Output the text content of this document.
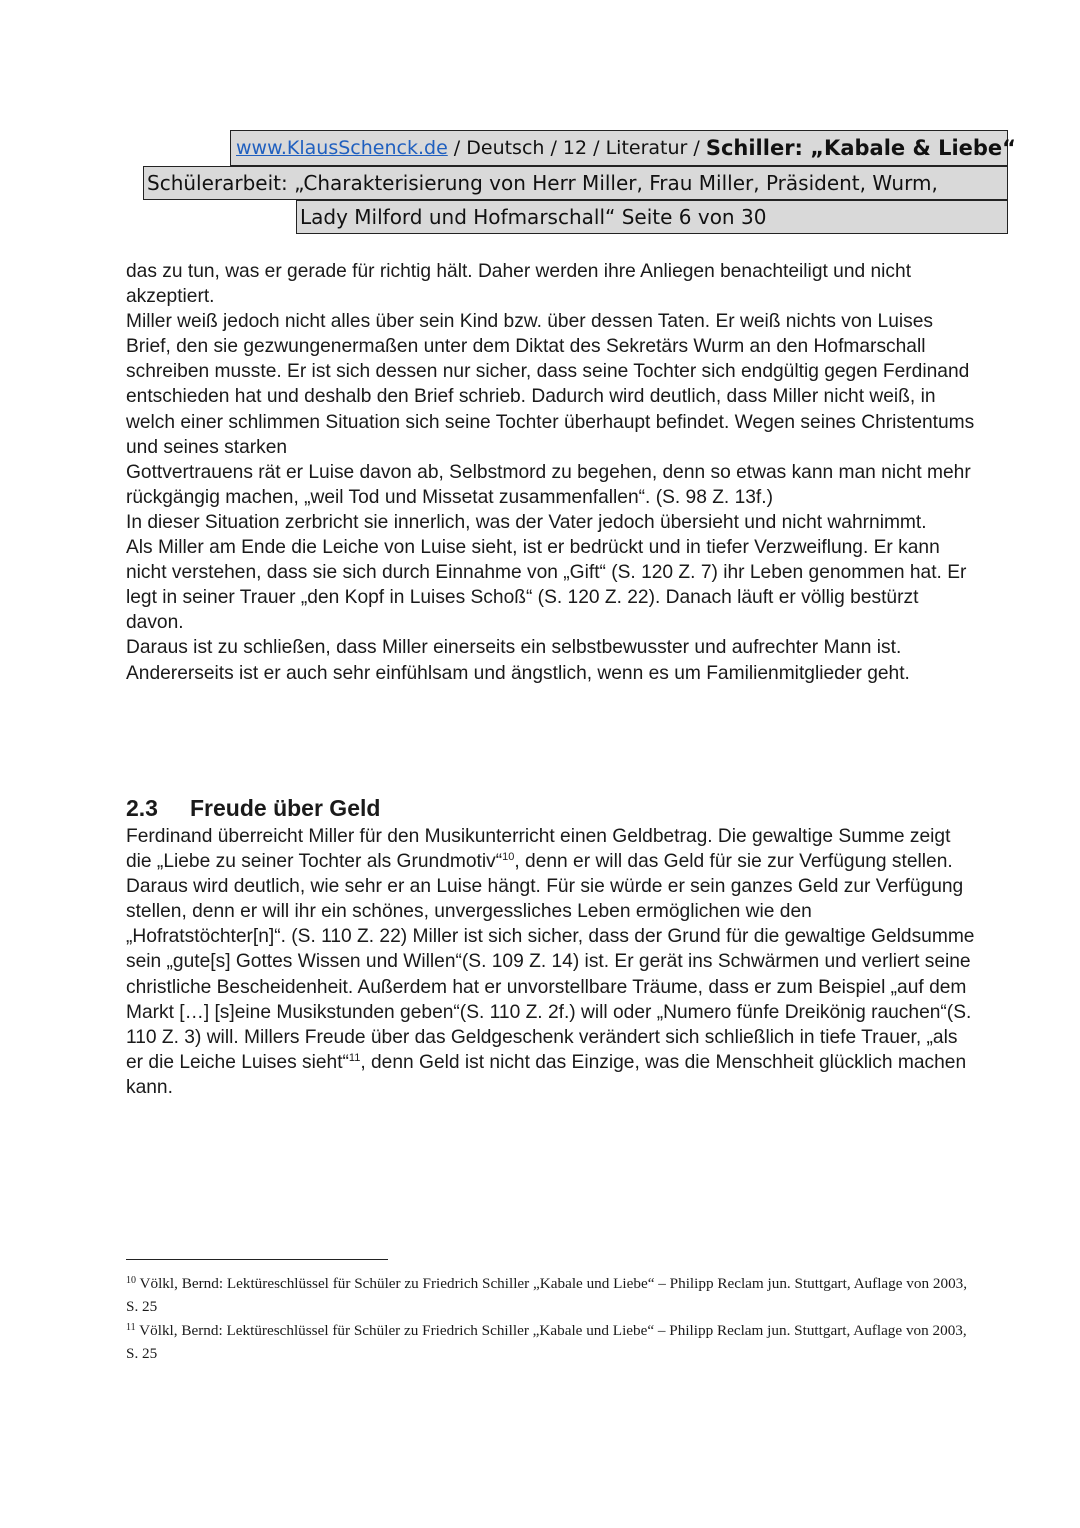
www.KlausSchenck.de / Deutsch / 12 / Literatur / Schiller: „Kabale & Liebe“
Schülerarbeit: „Charakterisierung von Herr Miller, Frau Miller, Präsident, Wurm,
Lady Milford und Hofmarschall“ Seite 6 von 30

das zu tun, was er gerade für richtig hält. Daher werden ihre Anliegen benachteiligt und nicht akzeptiert.

Miller weiß jedoch nicht alles über sein Kind bzw. über dessen Taten. Er weiß nichts von Luises Brief, den sie gezwungenermaßen unter dem Diktat des Sekretärs Wurm an den Hofmarschall schreiben musste. Er ist sich dessen nur sicher, dass seine Tochter sich endgültig gegen Ferdinand entschieden hat und deshalb den Brief schrieb. Dadurch wird deutlich, dass Miller nicht weiß, in welch einer schlimmen Situation sich seine Tochter überhaupt befindet. Wegen seines Christentums und seines starken

Gottvertrauens rät er Luise davon ab, Selbstmord zu begehen, denn so etwas kann man nicht mehr rückgängig machen, „weil Tod und Missetat zusammenfallen“. (S. 98 Z. 13f.)

In dieser Situation zerbricht sie innerlich, was der Vater jedoch übersieht und nicht wahrnimmt.

Als Miller am Ende die Leiche von Luise sieht, ist er bedrückt und in tiefer Verzweiflung. Er kann nicht verstehen, dass sie sich durch Einnahme von „Gift“ (S. 120 Z. 7) ihr Leben genommen hat. Er legt in seiner Trauer „den Kopf in Luises Schoß“ (S. 120 Z. 22). Danach läuft er völlig bestürzt davon.

Daraus ist zu schließen, dass Miller einerseits ein selbstbewusster und aufrechter Mann ist. Andererseits ist er auch sehr einfühlsam und ängstlich, wenn es um Familienmitglieder geht.

2.3	Freude über Geld

Ferdinand überreicht Miller für den Musikunterricht einen Geldbetrag. Die gewaltige Summe zeigt die „Liebe zu seiner Tochter als Grundmotiv“$^{10}$, denn er will das Geld für sie zur Verfügung stellen. Daraus wird deutlich, wie sehr er an Luise hängt. Für sie würde er sein ganzes Geld zur Verfügung stellen, denn er will ihr ein schönes, unvergessliches Leben ermöglichen wie den „Hofratstöchter[n]“. (S. 110 Z. 22) Miller ist sich sicher, dass der Grund für die gewaltige Geldsumme sein „gute[s] Gottes Wissen und Willen“(S. 109 Z. 14) ist. Er gerät ins Schwärmen und verliert seine christliche Bescheidenheit. Außerdem hat er unvorstellbare Träume, dass er zum Beispiel „auf dem Markt […] [s]eine Musikstunden geben“(S. 110 Z. 2f.) will oder „Numero fünfe Dreikönig rauchen“(S. 110 Z. 3) will. Millers Freude über das Geldgeschenk verändert sich schließlich in tiefe Trauer, „als er die Leiche Luises sieht“$^{11}$, denn Geld ist nicht das Einzige, was die Menschheit glücklich machen kann.

$^{10}$ Völkl, Bernd: Lektüreschlüssel für Schüler zu Friedrich Schiller „Kabale und Liebe“ – Philipp Reclam jun. Stuttgart, Auflage von 2003, S. 25

$^{11}$ Völkl, Bernd: Lektüreschlüssel für Schüler zu Friedrich Schiller „Kabale und Liebe“ – Philipp Reclam jun. Stuttgart, Auflage von 2003, S. 25
